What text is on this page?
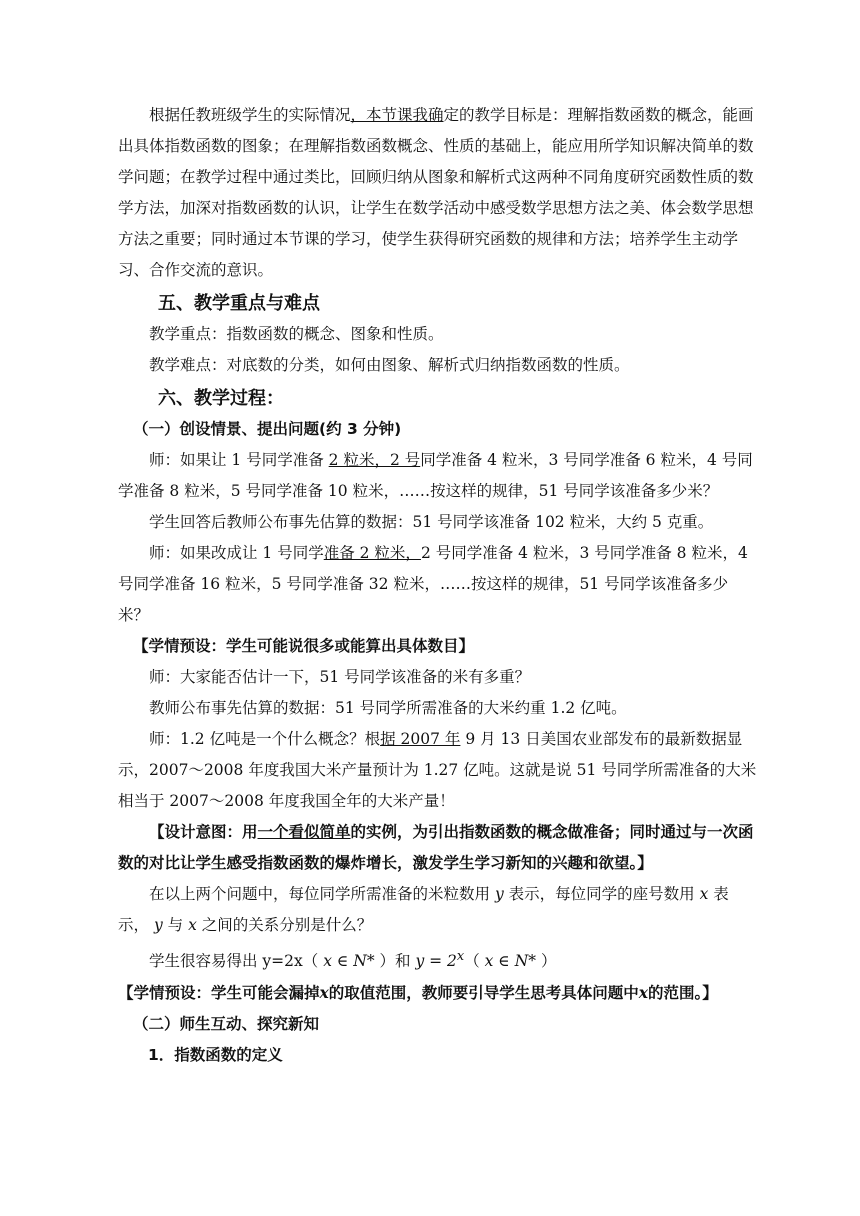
根据任教班级学生的实际情况，本节课我确定的教学目标是：理解指数函数的概念，能画出具体指数函数的图象；在理解指数函数概念、性质的基础上，能应用所学知识解决简单的数学问题；在教学过程中通过类比，回顾归纳从图象和解析式这两种不同角度研究函数性质的数学方法，加深对指数函数的认识，让学生在数学活动中感受数学思想方法之美、体会数学思想方法之重要；同时通过本节课的学习，使学生获得研究函数的规律和方法；培养学生主动学习、合作交流的意识。

五、教学重点与难点

教学重点：指数函数的概念、图象和性质。

教学难点：对底数的分类，如何由图象、解析式归纳指数函数的性质。

六、教学过程：

（一）创设情景、提出问题(约 3 分钟)

师：如果让 1 号同学准备 2 粒米，2 号同学准备 4 粒米，3 号同学准备 6 粒米，4 号同学准备 8 粒米，5 号同学准备 10 粒米，……按这样的规律，51 号同学该准备多少米？

学生回答后教师公布事先估算的数据：51 号同学该准备 102 粒米，大约 5 克重。

师：如果改成让 1 号同学准备 2 粒米，2 号同学准备 4 粒米，3 号同学准备 8 粒米，4 号同学准备 16 粒米，5 号同学准备 32 粒米，……按这样的规律，51 号同学该准备多少米？

【学情预设：学生可能说很多或能算出具体数目】

师：大家能否估计一下，51 号同学该准备的米有多重？

教师公布事先估算的数据：51 号同学所需准备的大米约重 1.2 亿吨。

师：1.2 亿吨是一个什么概念？根据 2007 年 9 月 13 日美国农业部发布的最新数据显示，2007～2008 年度我国大米产量预计为 1.27 亿吨。这就是说 51 号同学所需准备的大米相当于 2007～2008 年度我国全年的大米产量！

【设计意图：用一个看似简单的实例，为引出指数函数的概念做准备；同时通过与一次函数的对比让学生感受指数函数的爆炸增长，激发学生学习新知的兴趣和欲望。】

在以上两个问题中，每位同学所需准备的米粒数用 y 表示，每位同学的座号数用 x 表示， y 与 x 之间的关系分别是什么？

学生很容易得出 y=2x（ x ∈ N* ）和 $y = 2^x$（ x ∈ N* ）

【学情预设：学生可能会漏掉x的取值范围，教师要引导学生思考具体问题中x的范围。】

（二）师生互动、探究新知

1．指数函数的定义
